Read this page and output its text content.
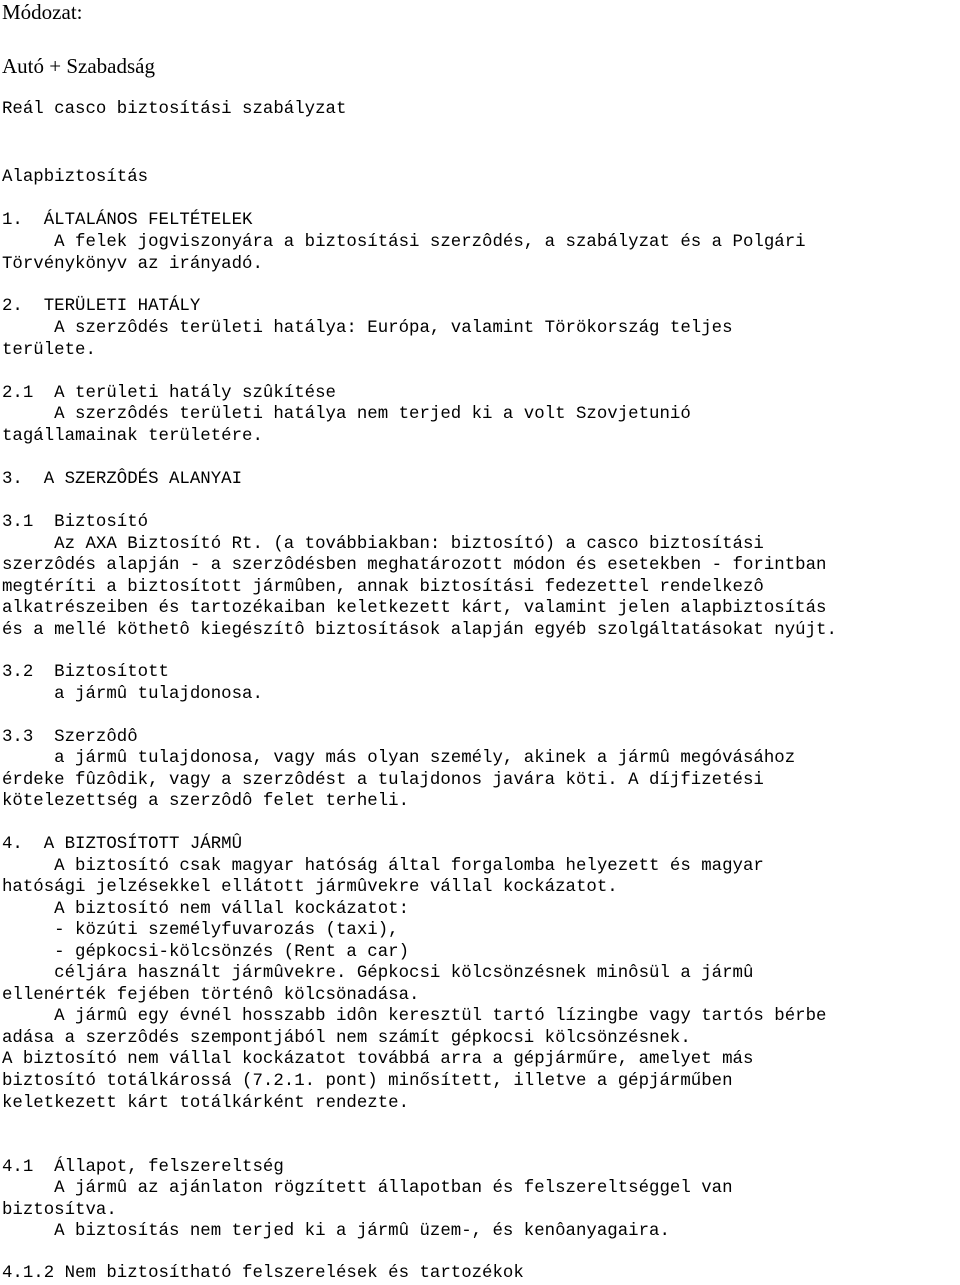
Módozat:

Autó + Szabadság

Reál casco biztosítási szabályzat

Alapbiztosítás

1.  ÁLTALÁNOS FELTÉTELEK

A felek jogviszonyára a biztosítási szerzôdés, a szabályzat és a Polgári

Törvénykönyv az irányadó.

2.  TERÜLETI HATÁLY

A szerzôdés területi hatálya: Európa, valamint Törökország teljes

területe.

2.1  A területi hatály szûkítése

A szerzôdés területi hatálya nem terjed ki a volt Szovjetunió

tagállamainak területére.

3.  A SZERZÔDÉS ALANYAI

3.1  Biztosító

Az AXA Biztosító Rt. (a továbbiakban: biztosító) a casco biztosítási

szerzôdés alapján - a szerzôdésben meghatározott módon és esetekben - forintban

megtéríti a biztosított jármûben, annak biztosítási fedezettel rendelkezô

alkatrészeiben és tartozékaiban keletkezett kárt, valamint jelen alapbiztosítás

és a mellé köthetô kiegészítô biztosítások alapján egyéb szolgáltatásokat nyújt.

3.2  Biztosított

a jármû tulajdonosa.

3.3  Szerzôdô

a jármû tulajdonosa, vagy más olyan személy, akinek a jármû megóvásához

érdeke fûzôdik, vagy a szerzôdést a tulajdonos javára köti. A díjfizetési

kötelezettség a szerzôdô felet terheli.

4.  A BIZTOSÍTOTT JÁRMÛ

A biztosító csak magyar hatóság által forgalomba helyezett és magyar

hatósági jelzésekkel ellátott jármûvekre vállal kockázatot.

A biztosító nem vállal kockázatot:

- közúti személyfuvarozás (taxi),

- gépkocsi-kölcsönzés (Rent a car)

céljára használt jármûvekre. Gépkocsi kölcsönzésnek minôsül a jármû

ellenérték fejében történô kölcsönadása.

A jármû egy évnél hosszabb idôn keresztül tartó lízingbe vagy tartós bérbe

adása a szerzôdés szempontjából nem számít gépkocsi kölcsönzésnek.

A biztosító nem vállal kockázatot továbbá arra a gépjárműre, amelyet más

biztosító totálkárossá (7.2.1. pont) minősített, illetve a gépjárműben

keletkezett kárt totálkárként rendezte.

4.1  Állapot, felszereltség

A jármû az ajánlaton rögzített állapotban és felszereltséggel van

biztosítva.

A biztosítás nem terjed ki a jármû üzem-, és kenôanyagaira.

4.1.2 Nem biztosítható felszerelések és tartozékok
